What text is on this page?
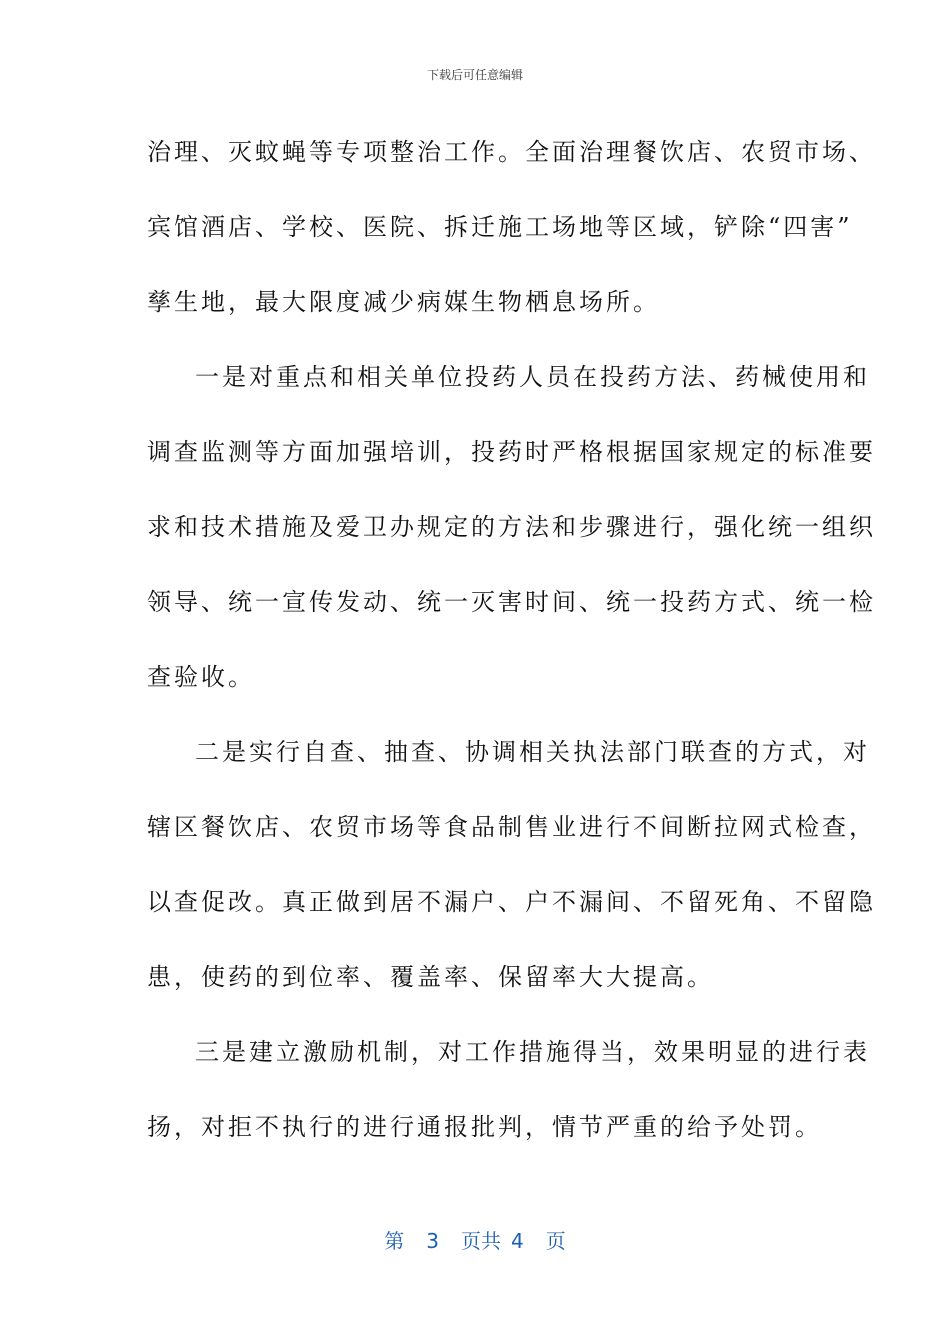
下载后可任意编辑
治理、灭蚊蝇等专项整治工作。全面治理餐饮店、农贸市场、
宾馆酒店、学校、医院、拆迁施工场地等区域，铲除“四害”
孳生地，最大限度减少病媒生物栖息场所。
一是对重点和相关单位投药人员在投药方法、药械使用和
调查监测等方面加强培训，投药时严格根据国家规定的标准要
求和技术措施及爱卫办规定的方法和步骤进行，强化统一组织
领导、统一宣传发动、统一灭害时间、统一投药方式、统一检
查验收。
二是实行自查、抽查、协调相关执法部门联查的方式，对
辖区餐饮店、农贸市场等食品制售业进行不间断拉网式检查，
以查促改。真正做到居不漏户、户不漏间、不留死角、不留隐
患，使药的到位率、覆盖率、保留率大大提高。
三是建立激励机制，对工作措施得当，效果明显的进行表
扬，对拒不执行的进行通报批判，情节严重的给予处罚。
第 3 页共 4 页
